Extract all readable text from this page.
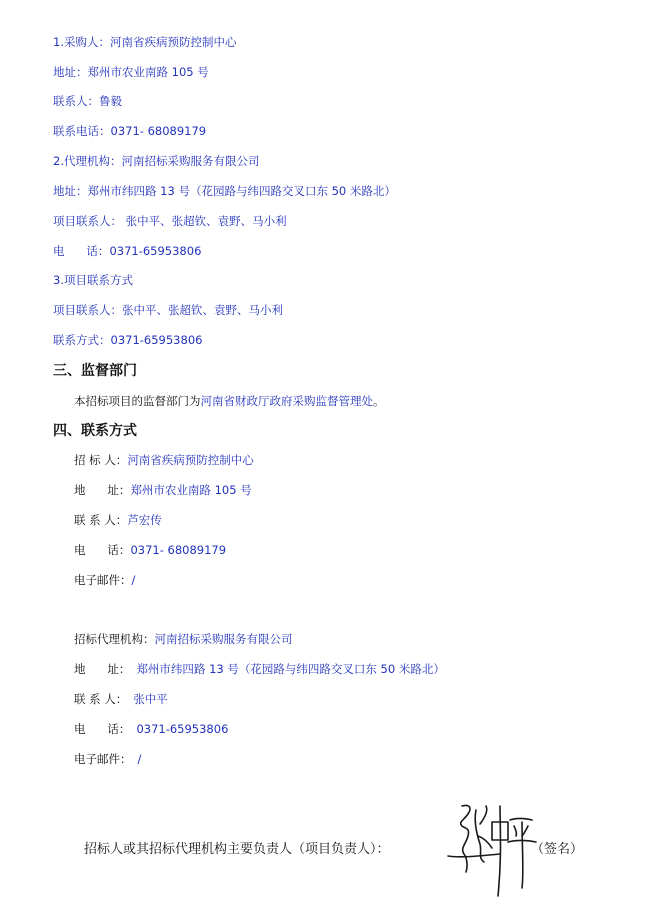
1.采购人：河南省疾病预防控制中心
地址：郑州市农业南路 105 号
联系人：鲁毅
联系电话：0371- 68089179
2.代理机构：河南招标采购服务有限公司
地址：郑州市纬四路 13 号（花园路与纬四路交叉口东 50 米路北）
项目联系人： 张中平、张超钦、袁野、马小利
电      话：0371-65953806
3.项目联系方式
项目联系人：张中平、张超钦、袁野、马小利
联系方式：0371-65953806
三、监督部门
本招标项目的监督部门为河南省财政厅政府采购监督管理处。
四、联系方式
招 标 人：河南省疾病预防控制中心
地      址：郑州市农业南路 105 号
联 系 人：芦宏传
电      话：0371- 68089179
电子邮件：/
招标代理机构：河南招标采购服务有限公司
地      址： 郑州市纬四路 13 号（花园路与纬四路交叉口东 50 米路北）
联 系 人： 张中平
电      话： 0371-65953806
电子邮件： /
招标人或其招标代理机构主要负责人（项目负责人）：	（签名）
